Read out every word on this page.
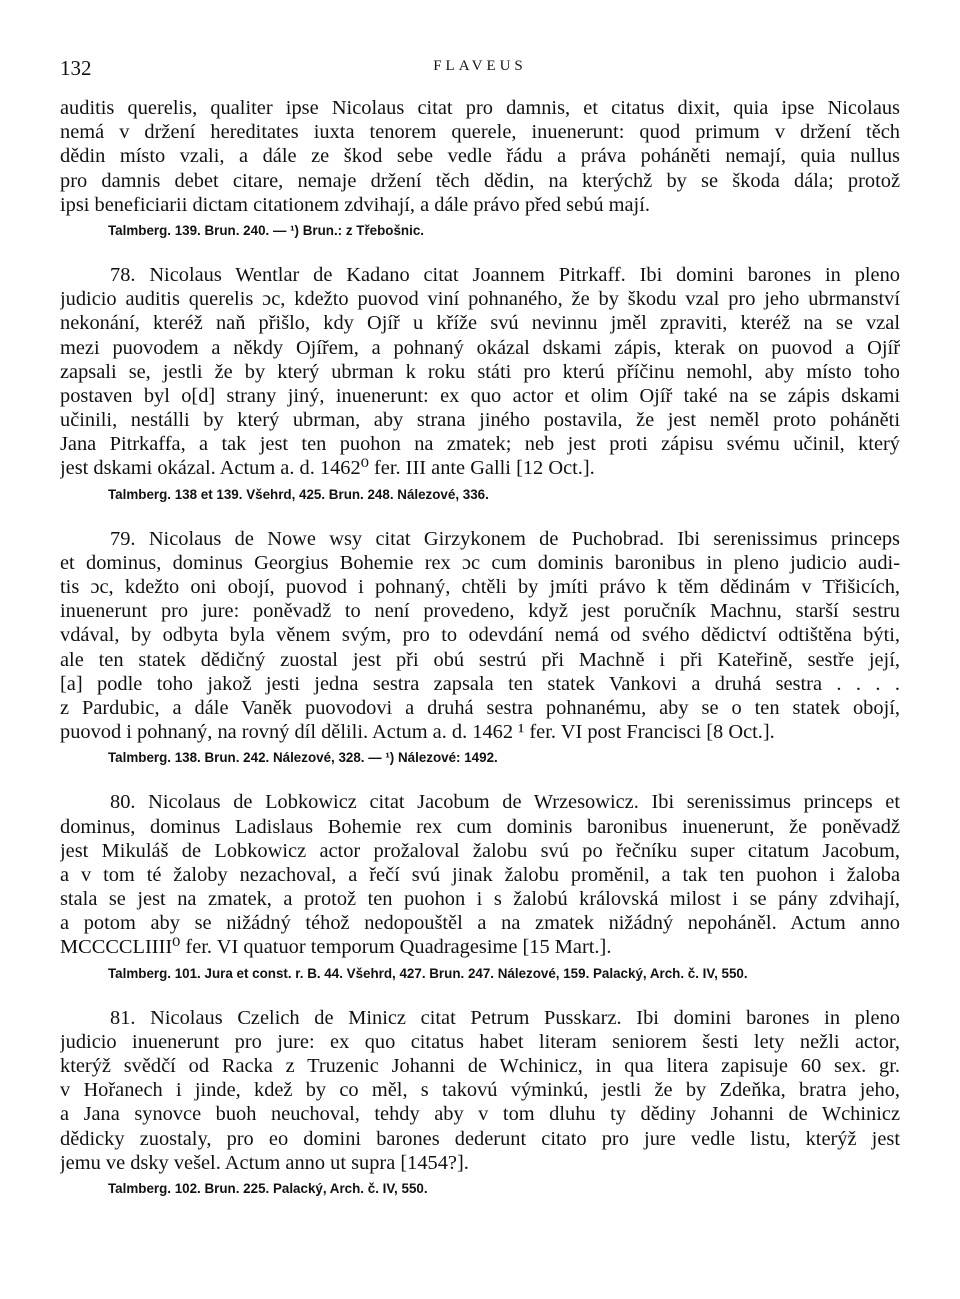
132	FLAVEUS
auditis querelis, qualiter ipse Nicolaus citat pro damnis, et citatus dixit, quia ipse Nicolaus
nemá v držení hereditates iuxta tenorem querele, inuenerunt: quod primum v držení těch
dědin místo vzali, a dále ze škod sebe vedle řádu a práva poháněti nemají, quia nullus
pro damnis debet citare, nemaje držení těch dědin, na kterýchž by se škoda dála; protož
ipsi beneficiarii dictam citationem zdvihají, a dále právo před sebú mají.
Talmberg. 139. Brun. 240. — ¹) Brun.: z Třebošnic.
78. Nicolaus Wentlar de Kadano citat Joannem Pitrkaff. Ibi domini barones in pleno
judicio auditis querelis ɔc, kdežto puovod viní pohnaného, že by škodu vzal pro jeho ubrmanství
nekonání, kteréž naň přišlo, kdy Ojíř u kříže svú nevinnu jměl zpraviti, kteréž na se vzal
mezi puovodem a někdy Ojířem, a pohnaný okázal dskami zápis, kterak on puovod a Ojíř
zapsali se, jestli že by který ubrman k roku státi pro kterú příčinu nemohl, aby místo toho
postaven byl o[d] strany jiný, inuenerunt: ex quo actor et olim Ojíř také na se zápis dskami
učinili, nestálli by který ubrman, aby strana jiného postavila, že jest neměl proto poháněti
Jana Pitrkaffa, a tak jest ten puohon na zmatek; neb jest proti zápisu svému učinil, který
jest dskami okázal. Actum a. d. 1462⁰ fer. III ante Galli [12 Oct.].
Talmberg. 138 et 139. Všehrd, 425. Brun. 248. Nálezové, 336.
79. Nicolaus de Nowe wsy citat Girzykonem de Puchobrad. Ibi serenissimus princeps
et dominus, dominus Georgius Bohemie rex ɔc cum dominis baronibus in pleno judicio audi-
tis ɔc, kdežto oni obojí, puovod i pohnaný, chtěli by jmíti právo k těm dědinám v Třišicích,
inuenerunt pro jure: poněvadž to není provedeno, když jest poručník Machnu, starší sestru
vdával, by odbyta byla věnem svým, pro to odevdání nemá od svého dědictví odtištěna býti,
ale ten statek dědičný zuostal jest při obú sestrú při Machně i při Kateřině, sestře její,
[a] podle toho jakož jesti jedna sestra zapsala ten statek Vankovi a druhá sestra . . . .
z Pardubic, a dále Vaněk puovodovi a druhá sestra pohnanému, aby se o ten statek obojí,
puovod i pohnaný, na rovný díl dělili. Actum a. d. 1462 ¹ fer. VI post Francisci [8 Oct.].
Talmberg. 138. Brun. 242. Nálezové, 328. — ¹) Nálezové: 1492.
80. Nicolaus de Lobkowicz citat Jacobum de Wrzesowicz. Ibi serenissimus princeps et
dominus, dominus Ladislaus Bohemie rex cum dominis baronibus inuenerunt, že poněvadž
jest Mikuláš de Lobkowicz actor prožaloval žalobu svú po řečníku super citatum Jacobum,
a v tom té žaloby nezachoval, a řečí svú jinak žalobu proměnil, a tak ten puohon i žaloba
stala se jest na zmatek, a protož ten puohon i s žalobú královská milost i se pány zdvihají,
a potom aby se nižádný téhož nedopouštěl a na zmatek nižádný nepoháněl. Actum anno
MCCCCLIIII⁰ fer. VI quatuor temporum Quadragesime [15 Mart.].
Talmberg. 101. Jura et const. r. B. 44. Všehrd, 427. Brun. 247. Nálezové, 159. Palacký, Arch. č. IV, 550.
81. Nicolaus Czelich de Minicz citat Petrum Pusskarz. Ibi domini barones in pleno
judicio inuenerunt pro jure: ex quo citatus habet literam seniorem šesti lety nežli actor,
kterýž svědčí od Racka z Truzenic Johanni de Wchinicz, in qua litera zapisuje 60 sex. gr.
v Hořanech i jinde, kdež by co měl, s takovú výminkú, jestli že by Zdeňka, bratra jeho,
a Jana synovce buoh neuchoval, tehdy aby v tom dluhu ty dědiny Johanni de Wchinicz
dědicky zuostaly, pro eo domini barones dederunt citato pro jure vedle listu, kterýž jest
jemu ve dsky vešel. Actum anno ut supra [1454?].
Talmberg. 102. Brun. 225. Palacký, Arch. č. IV, 550.
